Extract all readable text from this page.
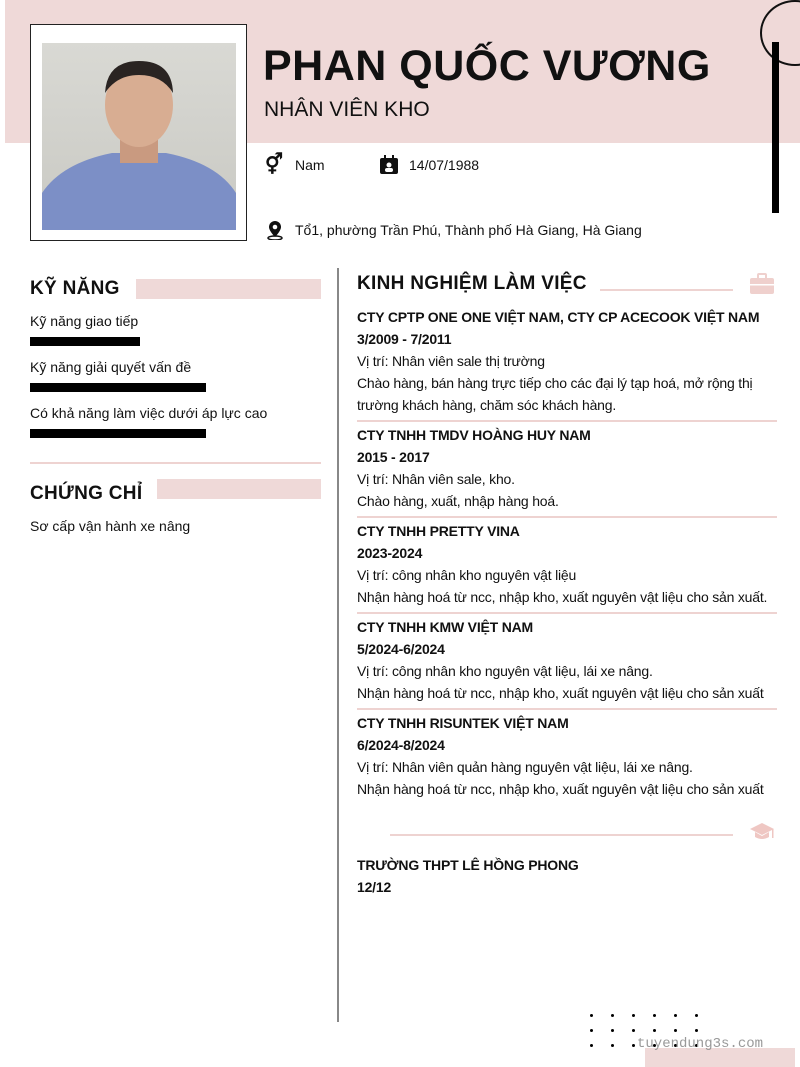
PHAN QUỐC VƯƠNG
NHÂN VIÊN KHO
⚥ Nam	14/07/1988
Tổ1, phường Trần Phú, Thành phố Hà Giang, Hà Giang
KỸ NĂNG
Kỹ năng giao tiếp
Kỹ năng giải quyết vấn đề
Có khả năng làm việc dưới áp lực cao
CHỨNG CHỈ
Sơ cấp vận hành xe nâng
KINH NGHIỆM LÀM VIỆC
CTY CPTP ONE ONE VIỆT NAM, CTY CP ACECOOK VIỆT NAM
3/2009 - 7/2011
Vị trí: Nhân viên sale thị trường
Chào hàng, bán hàng trực tiếp cho các đại lý tạp hoá, mở rộng thị trường khách hàng, chăm sóc khách hàng.
CTY TNHH TMDV HOÀNG HUY NAM
2015 - 2017
Vị trí: Nhân viên sale, kho.
Chào hàng, xuất, nhập hàng hoá.
CTY TNHH PRETTY VINA
2023-2024
Vị trí: công nhân kho nguyên vật liệu
Nhận hàng hoá từ ncc, nhập kho, xuất nguyên vật liệu cho sản xuất.
CTY TNHH KMW VIỆT NAM
5/2024-6/2024
Vị trí: công nhân kho nguyên vật liệu, lái xe nâng.
Nhận hàng hoá từ ncc, nhập kho, xuất nguyên vật liệu cho sản xuất
CTY TNHH RISUNTEK VIỆT NAM
6/2024-8/2024
Vị trí: Nhân viên quản hàng nguyên vật liệu, lái xe nâng.
Nhận hàng hoá từ ncc, nhập kho, xuất nguyên vật liệu cho sản xuất
TRƯỜNG THPT LÊ HỒNG PHONG
12/12
tuyendung3s.com
